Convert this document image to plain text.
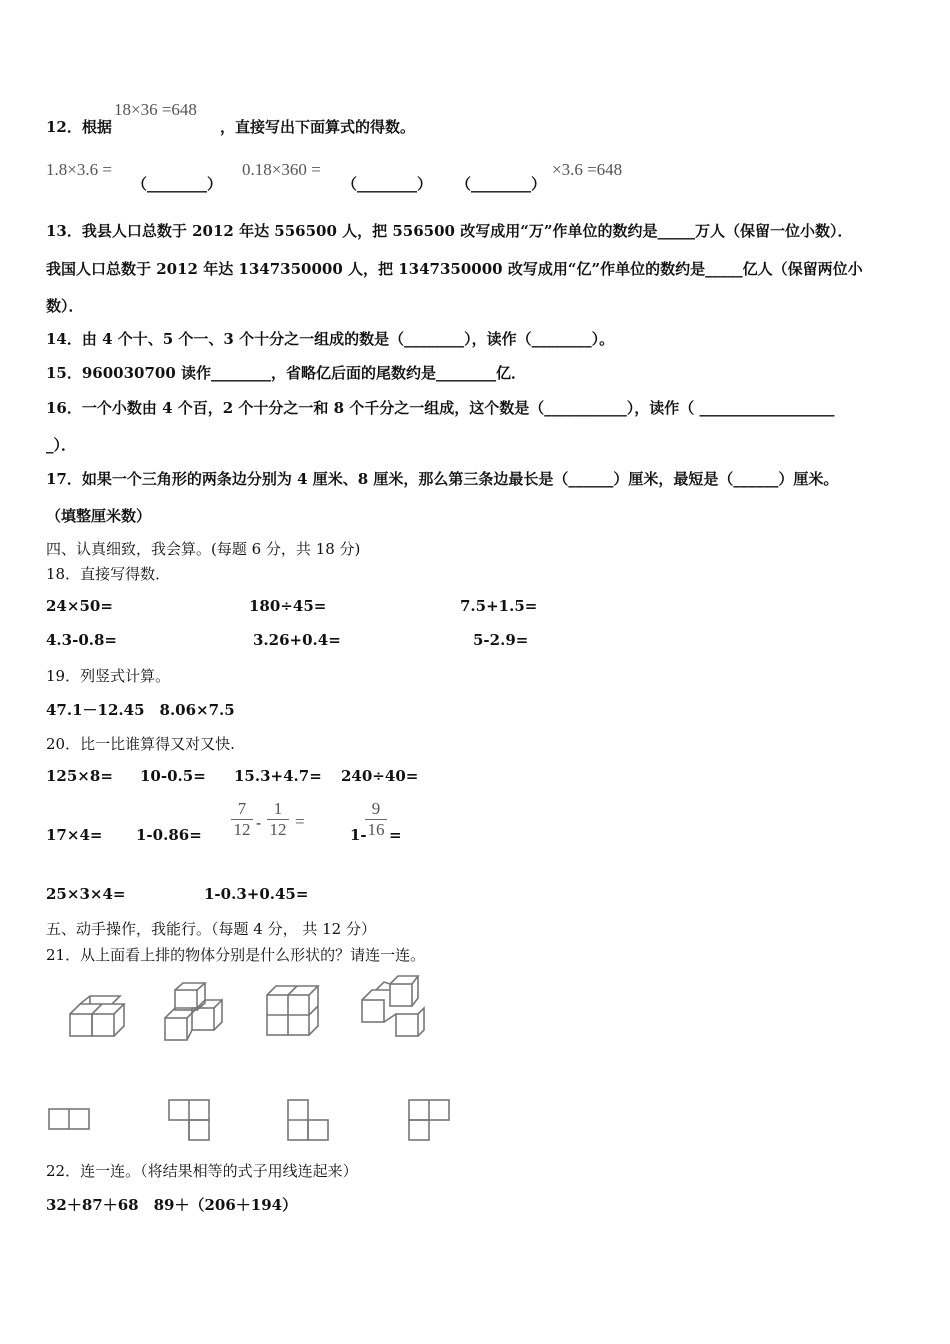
12．根据
18×36 =648
，直接写出下面算式的得数。
1.8×3.6 =
（________）
0.18×360 =
（________） （________）
×3.6 =648
13．我县人口总数于 2012 年达 556500 人，把 556500 改写成用“万”作单位的数约是_____万人（保留一位小数）．
我国人口总数于 2012 年达 1347350000 人，把 1347350000 改写成用“亿”作单位的数约是_____亿人（保留两位小
数）．
14．由 4 个十、5 个一、3 个十分之一组成的数是（________），读作（________）。
15．960030700 读作________，省略亿后面的尾数约是________亿．
16．一个小数由 4 个百，2 个十分之一和 8 个千分之一组成，这个数是（___________），读作（ __________________
_）．
17．如果一个三角形的两条边分别为 4 厘米、8 厘米，那么第三条边最长是（______）厘米，最短是（______）厘米。
（填整厘米数）
四、认真细致，我会算。(每题 6 分，共 18 分)
18．直接写得数．
24×50=	180÷45=	7.5+1.5=
4.3-0.8=	3.26+0.4=	5-2.9=
19．列竖式计算。
47.1－12.45　8.06×7.5
20．比一比谁算得又对又快.
125×8= 10-0.5= 15.3+4.7= 240÷40=
17×4= 1-0.86=
7
12 -
1
12 =
1-
9
16 =
25×3×4=	1-0.3+0.45=
五、动手操作，我能行。（每题 4 分， 共 12 分）
21．从上面看上排的物体分别是什么形状的？请连一连。
22．连一连。（将结果相等的式子用线连起来）
32＋87＋68　89＋（206＋194）
